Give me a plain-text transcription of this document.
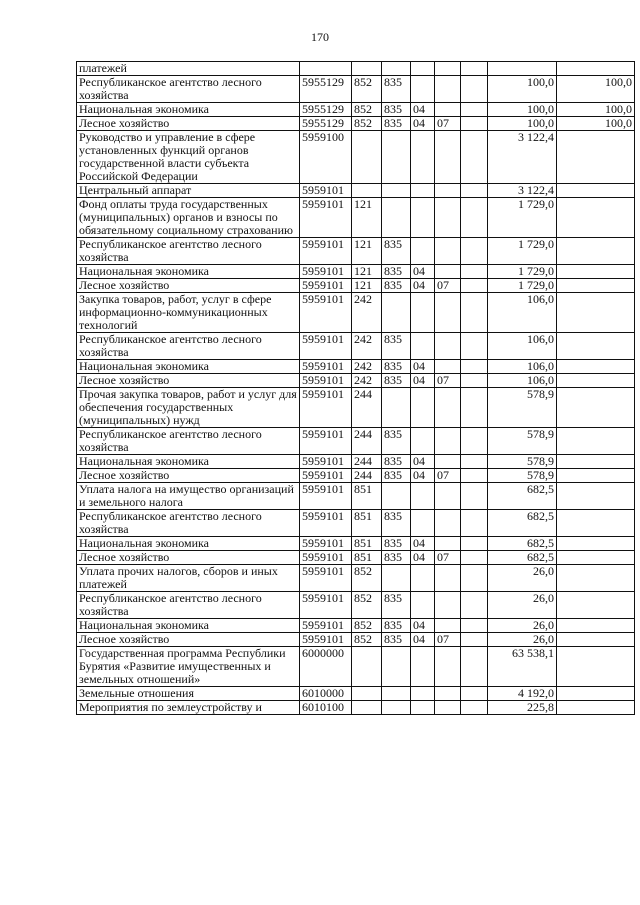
170
платежей								
Республиканское агентство лесного хозяйства	5955129	852	835				100,0	100,0
Национальная экономика	5955129	852	835	04			100,0	100,0
Лесное хозяйство	5955129	852	835	04	07		100,0	100,0
Руководство и управление в сфере установленных функций органов государственной власти субъекта Российской Федерации	5959100						3 122,4	
Центральный аппарат	5959101						3 122,4	
Фонд оплаты труда государственных (муниципальных) органов и взносы по обязательному социальному страхованию	5959101	121					1 729,0	
Республиканское агентство лесного хозяйства	5959101	121	835				1 729,0	
Национальная экономика	5959101	121	835	04			1 729,0	
Лесное хозяйство	5959101	121	835	04	07		1 729,0	
Закупка товаров, работ, услуг в сфере информационно-коммуникационных технологий	5959101	242					106,0	
Республиканское агентство лесного хозяйства	5959101	242	835				106,0	
Национальная экономика	5959101	242	835	04			106,0	
Лесное хозяйство	5959101	242	835	04	07		106,0	
Прочая закупка товаров, работ и услуг для обеспечения государственных (муниципальных) нужд	5959101	244					578,9	
Республиканское агентство лесного хозяйства	5959101	244	835				578,9	
Национальная экономика	5959101	244	835	04			578,9	
Лесное хозяйство	5959101	244	835	04	07		578,9	
Уплата налога на имущество организаций и земельного налога	5959101	851					682,5	
Республиканское агентство лесного хозяйства	5959101	851	835				682,5	
Национальная экономика	5959101	851	835	04			682,5	
Лесное хозяйство	5959101	851	835	04	07		682,5	
Уплата прочих налогов, сборов и иных платежей	5959101	852					26,0	
Республиканское агентство лесного хозяйства	5959101	852	835				26,0	
Национальная экономика	5959101	852	835	04			26,0	
Лесное хозяйство	5959101	852	835	04	07		26,0	
Государственная программа Республики Бурятия «Развитие имущественных и земельных отношений»	6000000						63 538,1	
Земельные отношения	6010000						4 192,0	
Мероприятия по землеустройству и	6010100						225,8	
